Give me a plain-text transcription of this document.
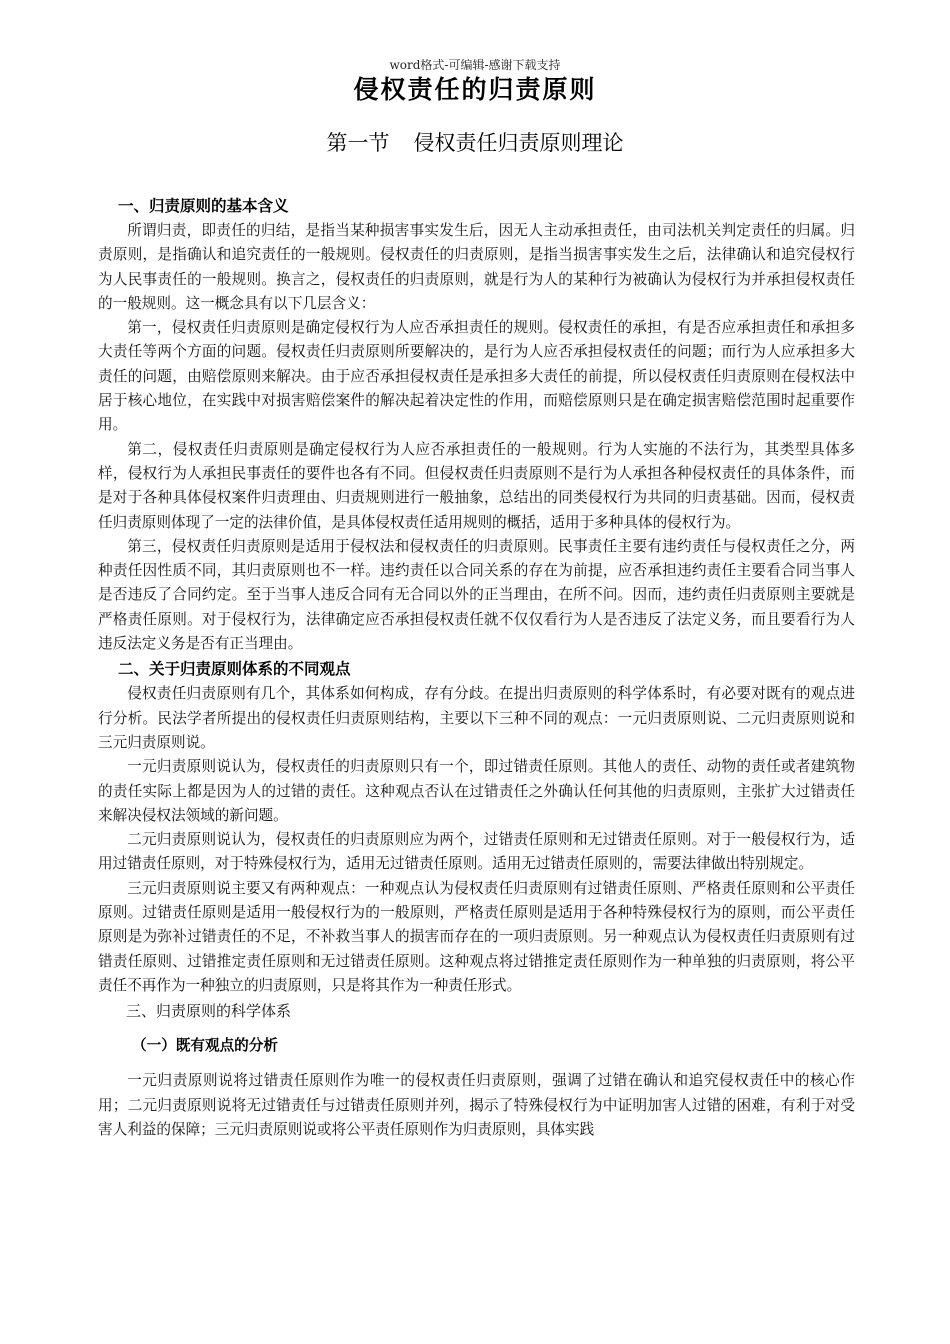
word格式-可编辑-感谢下载支持
侵权责任的归责原则
第一节 侵权责任归责原则理论
一、归责原则的基本含义

所谓归责，即责任的归结，是指当某种损害事实发生后，因无人主动承担责任，由司法机关判定责任的归属。归责原则，是指确认和追究责任的一般规则。侵权责任的归责原则，是指当损害事实发生之后，法律确认和追究侵权行为人民事责任的一般规则。换言之，侵权责任的归责原则，就是行为人的某种行为被确认为侵权行为并承担侵权责任的一般规则。这一概念具有以下几层含义：

第一，侵权责任归责原则是确定侵权行为人应否承担责任的规则。侵权责任的承担，有是否应承担责任和承担多大责任等两个方面的问题。侵权责任归责原则所要解决的，是行为人应否承担侵权责任的问题；而行为人应承担多大责任的问题，由赔偿原则来解决。由于应否承担侵权责任是承担多大责任的前提，所以侵权责任归责原则在侵权法中居于核心地位，在实践中对损害赔偿案件的解决起着决定性的作用，而赔偿原则只是在确定损害赔偿范围时起重要作用。

第二，侵权责任归责原则是确定侵权行为人应否承担责任的一般规则。行为人实施的不法行为，其类型具体多样，侵权行为人承担民事责任的要件也各有不同。但侵权责任归责原则不是行为人承担各种侵权责任的具体条件，而是对于各种具体侵权案件归责理由、归责规则进行一般抽象，总结出的同类侵权行为共同的归责基础。因而，侵权责任归责原则体现了一定的法律价值，是具体侵权责任适用规则的概括，适用于多种具体的侵权行为。

第三，侵权责任归责原则是适用于侵权法和侵权责任的归责原则。民事责任主要有违约责任与侵权责任之分，两种责任因性质不同，其归责原则也不一样。违约责任以合同关系的存在为前提，应否承担违约责任主要看合同当事人是否违反了合同约定。至于当事人违反合同有无合同以外的正当理由，在所不问。因而，违约责任归责原则主要就是严格责任原则。对于侵权行为，法律确定应否承担侵权责任就不仅仅看行为人是否违反了法定义务，而且要看行为人违反法定义务是否有正当理由。

二、关于归责原则体系的不同观点

侵权责任归责原则有几个，其体系如何构成，存有分歧。在提出归责原则的科学体系时，有必要对既有的观点进行分析。民法学者所提出的侵权责任归责原则结构，主要以下三种不同的观点：一元归责原则说、二元归责原则说和三元归责原则说。

一元归责原则说认为，侵权责任的归责原则只有一个，即过错责任原则。其他人的责任、动物的责任或者建筑物的责任实际上都是因为人的过错的责任。这种观点否认在过错责任之外确认任何其他的归责原则，主张扩大过错责任来解决侵权法领域的新问题。

二元归责原则说认为，侵权责任的归责原则应为两个，过错责任原则和无过错责任原则。对于一般侵权行为，适用过错责任原则，对于特殊侵权行为，适用无过错责任原则。适用无过错责任原则的，需要法律做出特别规定。

三元归责原则说主要又有两种观点：一种观点认为侵权责任归责原则有过错责任原则、严格责任原则和公平责任原则。过错责任原则是适用一般侵权行为的一般原则，严格责任原则是适用于各种特殊侵权行为的原则，而公平责任原则是为弥补过错责任的不足，不补救当事人的损害而存在的一项归责原则。另一种观点认为侵权责任归责原则有过错责任原则、过错推定责任原则和无过错责任原则。这种观点将过错推定责任原则作为一种单独的归责原则，将公平责任不再作为一种独立的归责原则，只是将其作为一种责任形式。

三、归责原则的科学体系
（一）既有观点的分析

一元归责原则说将过错责任原则作为唯一的侵权责任归责原则，强调了过错在确认和追究侵权责任中的核心作用；二元归责原则说将无过错责任与过错责任原则并列，揭示了特殊侵权行为中证明加害人过错的困难，有利于对受害人利益的保障；三元归责原则说或将公平责任原则作为归责原则，具体实践
